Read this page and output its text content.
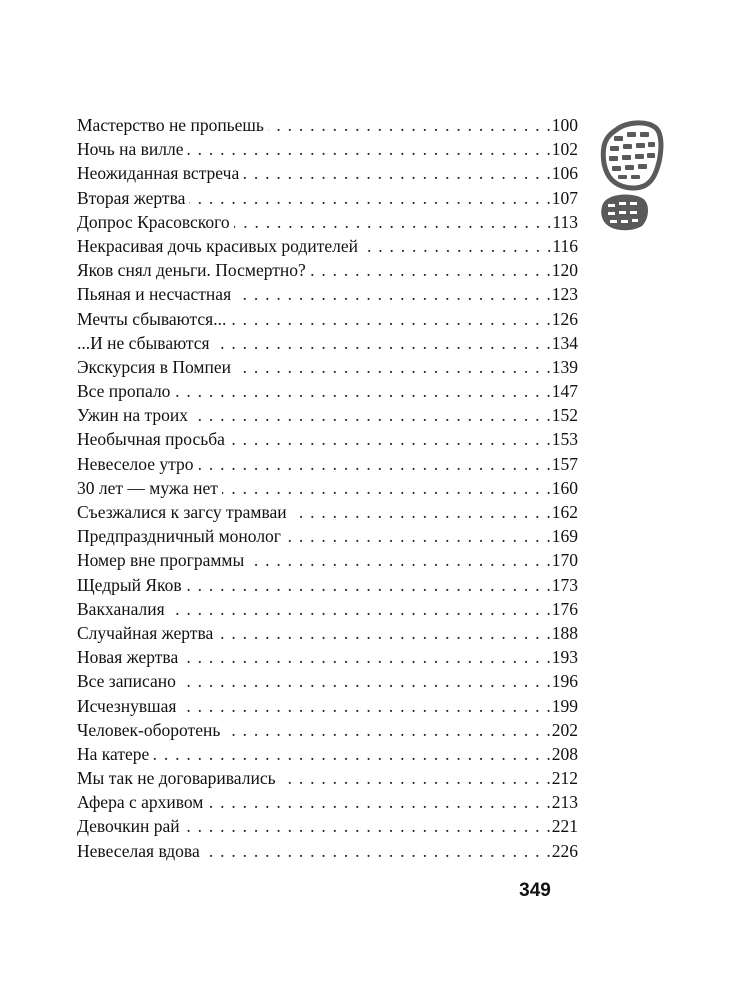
Мастерство не пропьешь . . .	100
Ночь на вилле . . .	102
Неожиданная встреча . . .	106
Вторая жертва . . .	107
Допрос Красовского . . .	113
Некрасивая дочь красивых родителей . . .	116
Яков снял деньги. Посмертно? . . .	120
Пьяная и несчастная . . .	123
Мечты сбываются... . . .	126
...И не сбываются . . .	134
Экскурсия в Помпеи . . .	139
Все пропало . . .	147
Ужин на троих . . .	152
Необычная просьба . . .	153
Невеселое утро . . .	157
30 лет — мужа нет . . .	160
Съезжалися к загсу трамваи . . .	162
Предпраздничный монолог . . .	169
Номер вне программы . . .	170
Щедрый Яков . . .	173
Вакханалия . . .	176
Случайная жертва . . .	188
Новая жертва . . .	193
Все записано . . .	196
Исчезнувшая . . .	199
Человек-оборотень . . .	202
На катере . . .	208
Мы так не договаривались . . .	212
Афера с архивом . . .	213
Девочкин рай . . .	221
Невеселая вдова . . .	226
349
